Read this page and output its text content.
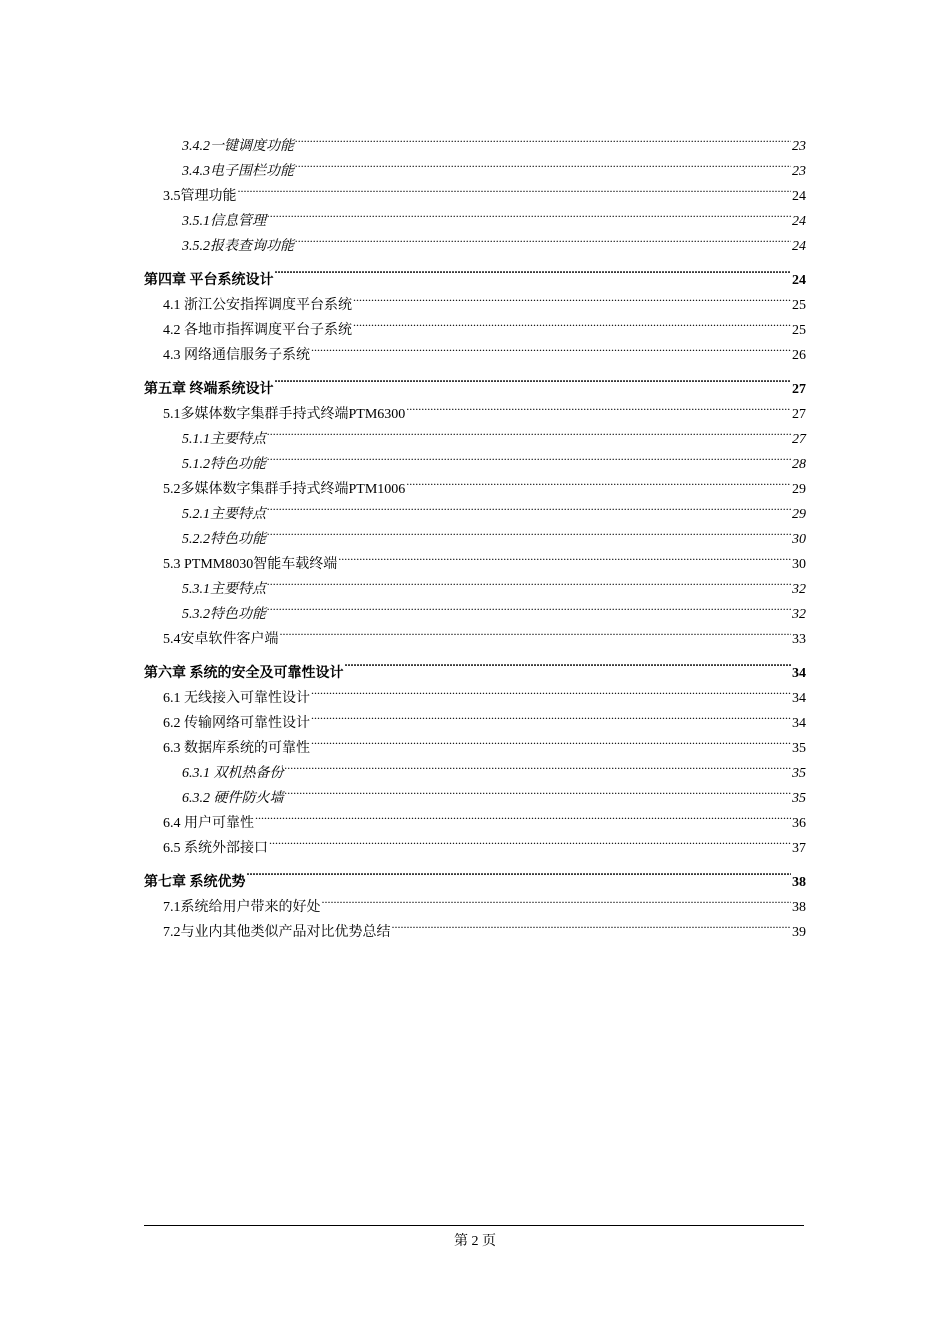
3.4.2一键调度功能 .....	23
3.4.3电子围栏功能 .....	23
3.5管理功能 .....	24
3.5.1信息管理 .....	24
3.5.2报表查询功能 .....	24
第四章 平台系统设计 .....	24
4.1 浙江公安指挥调度平台系统 .....	25
4.2 各地市指挥调度平台子系统 .....	25
4.3 网络通信服务子系统 .....	26
第五章 终端系统设计 .....	27
5.1多媒体数字集群手持式终端PTM6300 .....	27
5.1.1主要特点 .....	27
5.1.2特色功能 .....	28
5.2多媒体数字集群手持式终端PTM1006 .....	29
5.2.1主要特点 .....	29
5.2.2特色功能 .....	30
5.3 PTMM8030智能车载终端 .....	30
5.3.1主要特点 .....	32
5.3.2特色功能 .....	32
5.4安卓软件客户端 .....	33
第六章 系统的安全及可靠性设计 .....	34
6.1 无线接入可靠性设计 .....	34
6.2 传输网络可靠性设计 .....	34
6.3 数据库系统的可靠性 .....	35
6.3.1 双机热备份 .....	35
6.3.2 硬件防火墙 .....	35
6.4 用户可靠性 .....	36
6.5 系统外部接口 .....	37
第七章 系统优势 .....	38
7.1系统给用户带来的好处 .....	38
7.2与业内其他类似产品对比优势总结 .....	39
第 2 页
